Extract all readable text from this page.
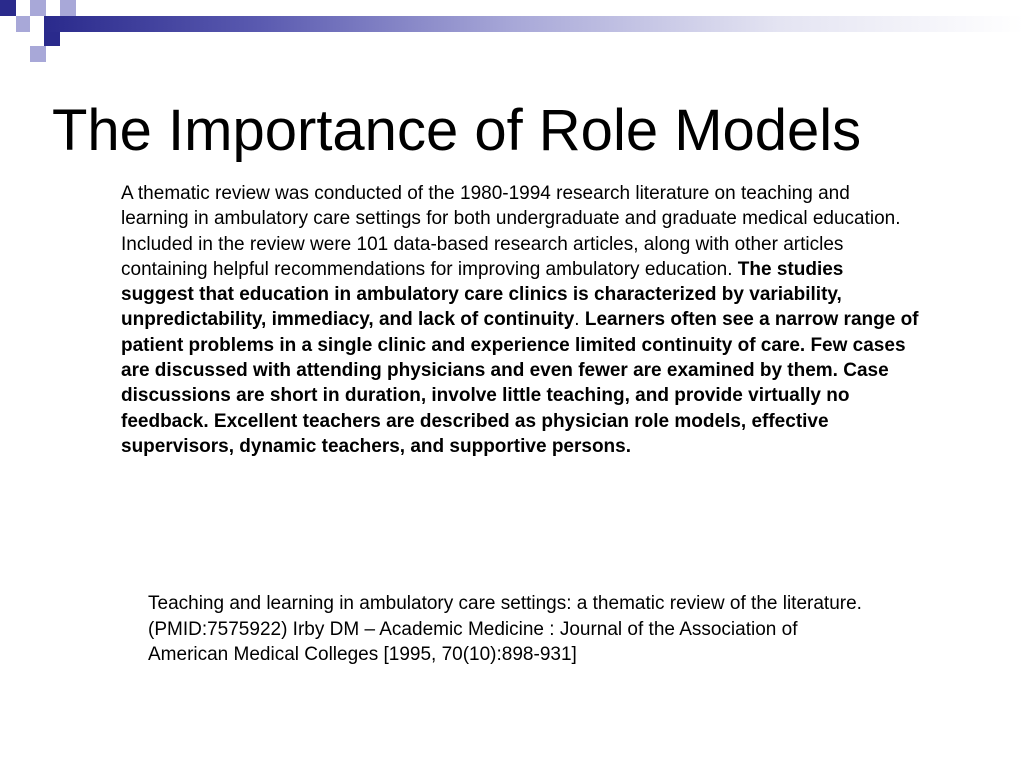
The Importance of Role Models

A thematic review was conducted of the 1980-1994 research literature on teaching and learning in ambulatory care settings for both undergraduate and graduate medical education. Included in the review were 101 data-based research articles, along with other articles containing helpful recommendations for improving ambulatory education. The studies suggest that education in ambulatory care clinics is characterized by variability, unpredictability, immediacy, and lack of continuity. Learners often see a narrow range of patient problems in a single clinic and experience limited continuity of care. Few cases are discussed with attending physicians and even fewer are examined by them. Case discussions are short in duration, involve little teaching, and provide virtually no feedback. Excellent teachers are described as physician role models, effective supervisors, dynamic teachers, and supportive persons.

Teaching and learning in ambulatory care settings: a thematic review of the literature.
(PMID:7575922) Irby DM – Academic Medicine : Journal of the Association of American Medical Colleges [1995, 70(10):898-931]
